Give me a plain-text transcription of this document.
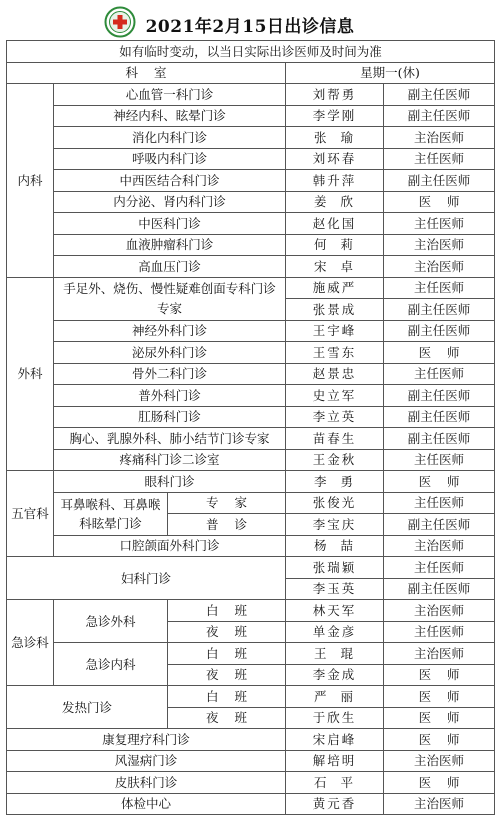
2021年2月15日出诊信息
如有临时变动，以当日实际出诊医师及时间为准				
科    室			星期一(休)	
内科	心血管一科门诊		刘帮勇	副主任医师
	神经内科、眩晕门诊		李学刚	副主任医师
	消化内科门诊		张  瑜	主治医师
	呼吸内科门诊		刘环春	主任医师
	中西医结合科门诊		韩升萍	副主任医师
	内分泌、肾内科门诊		姜  欣	医    师
	中医科门诊		赵化国	主任医师
	血液肿瘤科门诊		何  莉	主治医师
	高血压门诊		宋  卓	主治医师
外科	手足外、烧伤、慢性疑难创面专科门诊专家		施威严	主任医师
			张景成	副主任医师
	神经外科门诊		王宇峰	副主任医师
	泌尿外科门诊		王雪东	医    师
	骨外二科门诊		赵景忠	主任医师
	普外科门诊		史立军	副主任医师
	肛肠科门诊		李立英	副主任医师
	胸心、乳腺外科、肺小结节门诊专家		苗春生	副主任医师
	疼痛科门诊二诊室		王金秋	主任医师
五官科	眼科门诊		李  勇	医    师
	耳鼻喉科、耳鼻喉科眩晕门诊	专    家	张俊光	主任医师
		普    诊	李宝庆	副主任医师
	口腔颌面外科门诊		杨  喆	主治医师
妇科门诊			张瑞颖	主任医师
			李玉英	副主任医师
急诊科	急诊外科	白    班	林天军	主治医师
		夜    班	单金彦	主任医师
	急诊内科	白    班	王  琨	主治医师
		夜    班	李金成	医    师
发热门诊		白    班	严  丽	医    师
		夜    班	于欣生	医    师
康复理疗科门诊			宋启峰	医    师
风湿病门诊			解培明	主治医师
皮肤科门诊			石  平	医    师
体检中心			黄元香	主治医师
